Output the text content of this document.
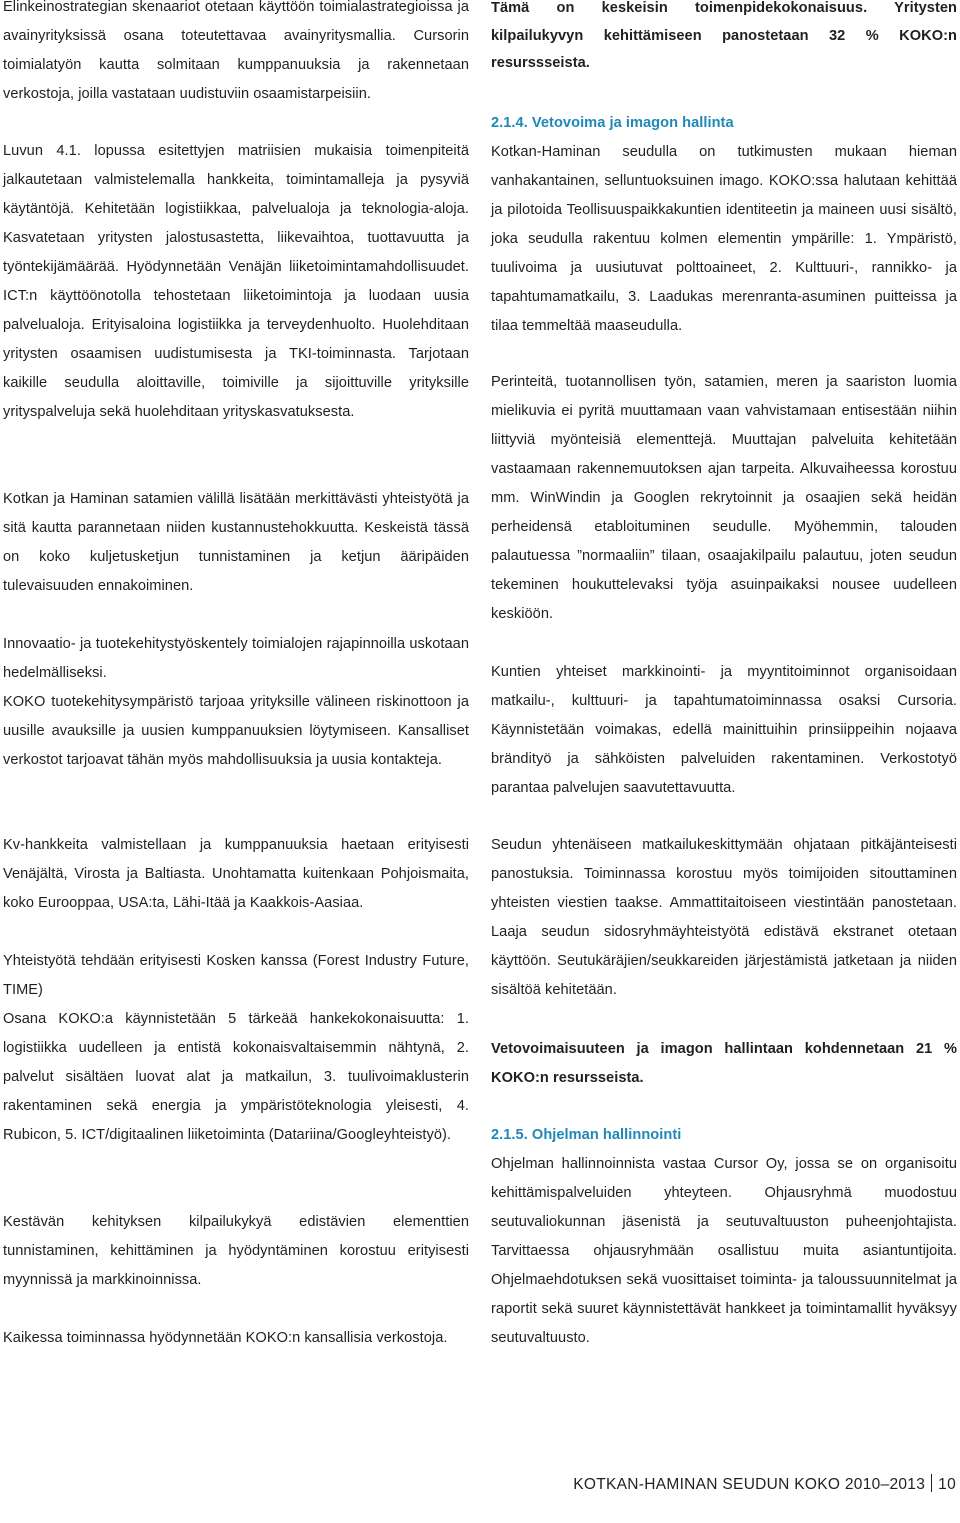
Elinkeinostrategian skenaariot otetaan käyttöön toimialastrategioissa ja avainyrityksissä osana toteutettavaa avainyritysmallia. Cursorin toimialatyön kautta solmitaan kumppanuuksia ja rakennetaan verkostoja, joilla vastataan uudistuviin osaamistarpeisiin.

Luvun 4.1. lopussa esitettyjen matriisien mukaisia toimenpiteitä jalkautetaan valmistelemalla hankkeita, toimintamalleja ja pysyviä käytäntöjä. Kehitetään logistiikkaa, palvelualoja ja teknologia-aloja. Kasvatetaan yritysten jalostusastetta, liikevaihtoa, tuottavuutta ja työntekijämäärää. Hyödynnetään Venäjän liiketoimintamahdollisuudet. ICT:n käyttöönotolla tehostetaan liiketoimintoja ja luodaan uusia palvelualoja. Erityisaloina logistiikka ja terveydenhuolto. Huolehditaan yritysten osaamisen uudistumisesta ja TKI-toiminnasta. Tarjotaan kaikille seudulla aloittaville, toimiville ja sijoittuville yrityksille yrityspalveluja sekä huolehditaan yrityskasvatuksesta.

Kotkan ja Haminan satamien välillä lisätään merkittävästi yhteistyötä ja sitä kautta parannetaan niiden kustannustehokkuutta. Keskeistä tässä on koko kuljetusketjun tunnistaminen ja ketjun ääripäiden tulevaisuuden ennakoiminen.

Innovaatio- ja tuotekehitystyöskentely toimialojen rajapinnoilla uskotaan hedelmälliseksi.

KOKO tuotekehitysympäristö tarjoaa yrityksille välineen riskinottoon ja uusille avauksille ja uusien kumppanuuksien löytymiseen. Kansalliset verkostot tarjoavat tähän myös mahdollisuuksia ja uusia kontakteja.

Kv-hankkeita valmistellaan ja kumppanuuksia haetaan erityisesti Venäjältä, Virosta ja Baltiasta. Unohtamatta kuitenkaan Pohjoismaita, koko Eurooppaa, USA:ta, Lähi-Itää ja Kaakkois-Aasiaa.

Yhteistyötä tehdään erityisesti Kosken kanssa (Forest Industry Future, TIME)

Osana KOKO:a käynnistetään 5 tärkeää hankekokonaisuutta: 1. logistiikka uudelleen ja entistä kokonaisvaltaisemmin nähtynä, 2. palvelut sisältäen luovat alat ja matkailun, 3. tuulivoimaklusterin rakentaminen sekä energia ja ympäristöteknologia yleisesti, 4. Rubicon, 5. ICT/digitaalinen liiketoiminta (Datariina/Googleyhteistyö).

Kestävän kehityksen kilpailukykyä edistävien elementtien tunnistaminen, kehittäminen ja hyödyntäminen korostuu erityisesti myynnissä ja markkinoinnissa.

Kaikessa toiminnassa hyödynnetään KOKO:n kansallisia verkostoja.

Tämä on keskeisin toimenpidekokonaisuus. Yritysten kilpailukyvyn kehittämiseen panostetaan 32 % KOKO:n resurssseista.

2.1.4. Vetovoima ja imagon hallinta

Kotkan-Haminan seudulla on tutkimusten mukaan hieman vanhakantainen, selluntuoksuinen imago. KOKO:ssa halutaan kehittää ja pilotoida Teollisuuspaikkakuntien identiteetin ja maineen uusi sisältö, joka seudulla rakentuu kolmen elementin ympärille: 1. Ympäristö, tuulivoima ja uusiutuvat polttoaineet, 2. Kulttuuri-, rannikko- ja tapahtumamatkailu, 3. Laadukas merenranta-asuminen puitteissa ja tilaa temmeltää maaseudulla.

Perinteitä, tuotannollisen työn, satamien, meren ja saariston luomia mielikuvia ei pyritä muuttamaan vaan vahvistamaan entisestään niihin liittyviä myönteisiä elementtejä. Muuttajan palveluita kehitetään vastaamaan rakennemuutoksen ajan tarpeita. Alkuvaiheessa korostuu mm. WinWindin ja Googlen rekrytoinnit ja osaajien sekä heidän perheidensä etabloituminen seudulle. Myöhemmin, talouden palautuessa ”normaaliin” tilaan, osaajakilpailu palautuu, joten seudun tekeminen houkuttelevaksi työja asuinpaikaksi nousee uudelleen keskiöön.

Kuntien yhteiset markkinointi- ja myyntitoiminnot organisoidaan matkailu-, kulttuuri- ja tapahtumatoiminnassa osaksi Cursoria. Käynnistetään voimakas, edellä mainittuihin prinsiippeihin nojaava brändityö ja sähköisten palveluiden rakentaminen. Verkostotyö parantaa palvelujen saavutettavuutta.

Seudun yhtenäiseen matkailukeskittymään ohjataan pitkäjänteisesti panostuksia. Toiminnassa korostuu myös toimijoiden sitouttaminen yhteisten viestien taakse. Ammattitaitoiseen viestintään panostetaan. Laaja seudun sidosryhmäyhteistyötä edistävä ekstranet otetaan käyttöön. Seutukäräjien/seukkareiden järjestämistä jatketaan ja niiden sisältöä kehitetään.

Vetovoimaisuuteen ja imagon hallintaan kohdennetaan 21 % KOKO:n resursseista.

2.1.5. Ohjelman hallinnointi

Ohjelman hallinnoinnista vastaa Cursor Oy, jossa se on organisoitu kehittämispalveluiden yhteyteen. Ohjausryhmä muodostuu seutuvaliokunnan jäsenistä ja seutuvaltuuston puheenjohtajista. Tarvittaessa ohjausryhmään osallistuu muita asiantuntijoita. Ohjelmaehdotuksen sekä vuosittaiset toiminta- ja taloussuunnitelmat ja raportit sekä suuret käynnistettävät hankkeet ja toimintamallit hyväksyy seutuvaltuusto.

KOTKAN-HAMINAN SEUDUN KOKO 2010–2013 10
